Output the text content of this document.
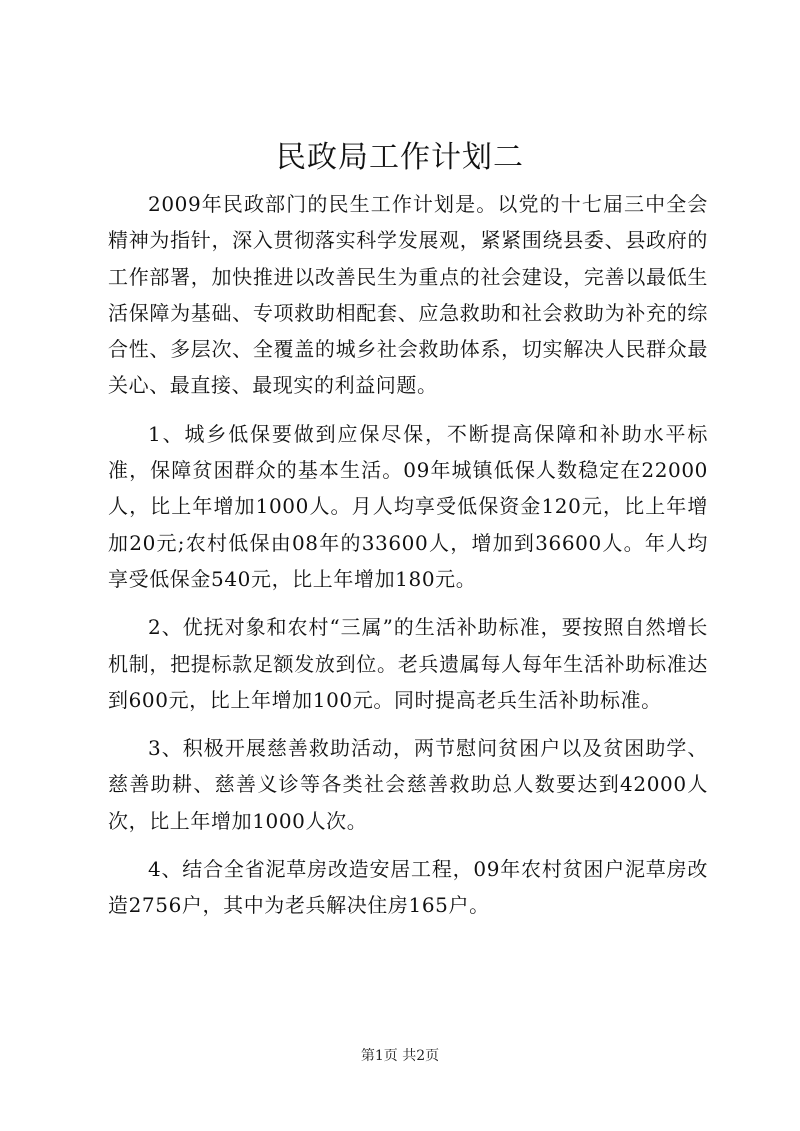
民政局工作计划二

2009年民政部门的民生工作计划是。以党的十七届三中全会精神为指针，深入贯彻落实科学发展观，紧紧围绕县委、县政府的工作部署，加快推进以改善民生为重点的社会建设，完善以最低生活保障为基础、专项救助相配套、应急救助和社会救助为补充的综合性、多层次、全覆盖的城乡社会救助体系，切实解决人民群众最关心、最直接、最现实的利益问题。

1、城乡低保要做到应保尽保，不断提高保障和补助水平标准，保障贫困群众的基本生活。09年城镇低保人数稳定在22000人，比上年增加1000人。月人均享受低保资金120元，比上年增加20元;农村低保由08年的33600人，增加到36600人。年人均享受低保金540元，比上年增加180元。

2、优抚对象和农村“三属”的生活补助标准，要按照自然增长机制，把提标款足额发放到位。老兵遗属每人每年生活补助标准达到600元，比上年增加100元。同时提高老兵生活补助标准。

3、积极开展慈善救助活动，两节慰问贫困户以及贫困助学、慈善助耕、慈善义诊等各类社会慈善救助总人数要达到42000人次，比上年增加1000人次。

4、结合全省泥草房改造安居工程，09年农村贫困户泥草房改造2756户，其中为老兵解决住房165户。

第1页 共2页
